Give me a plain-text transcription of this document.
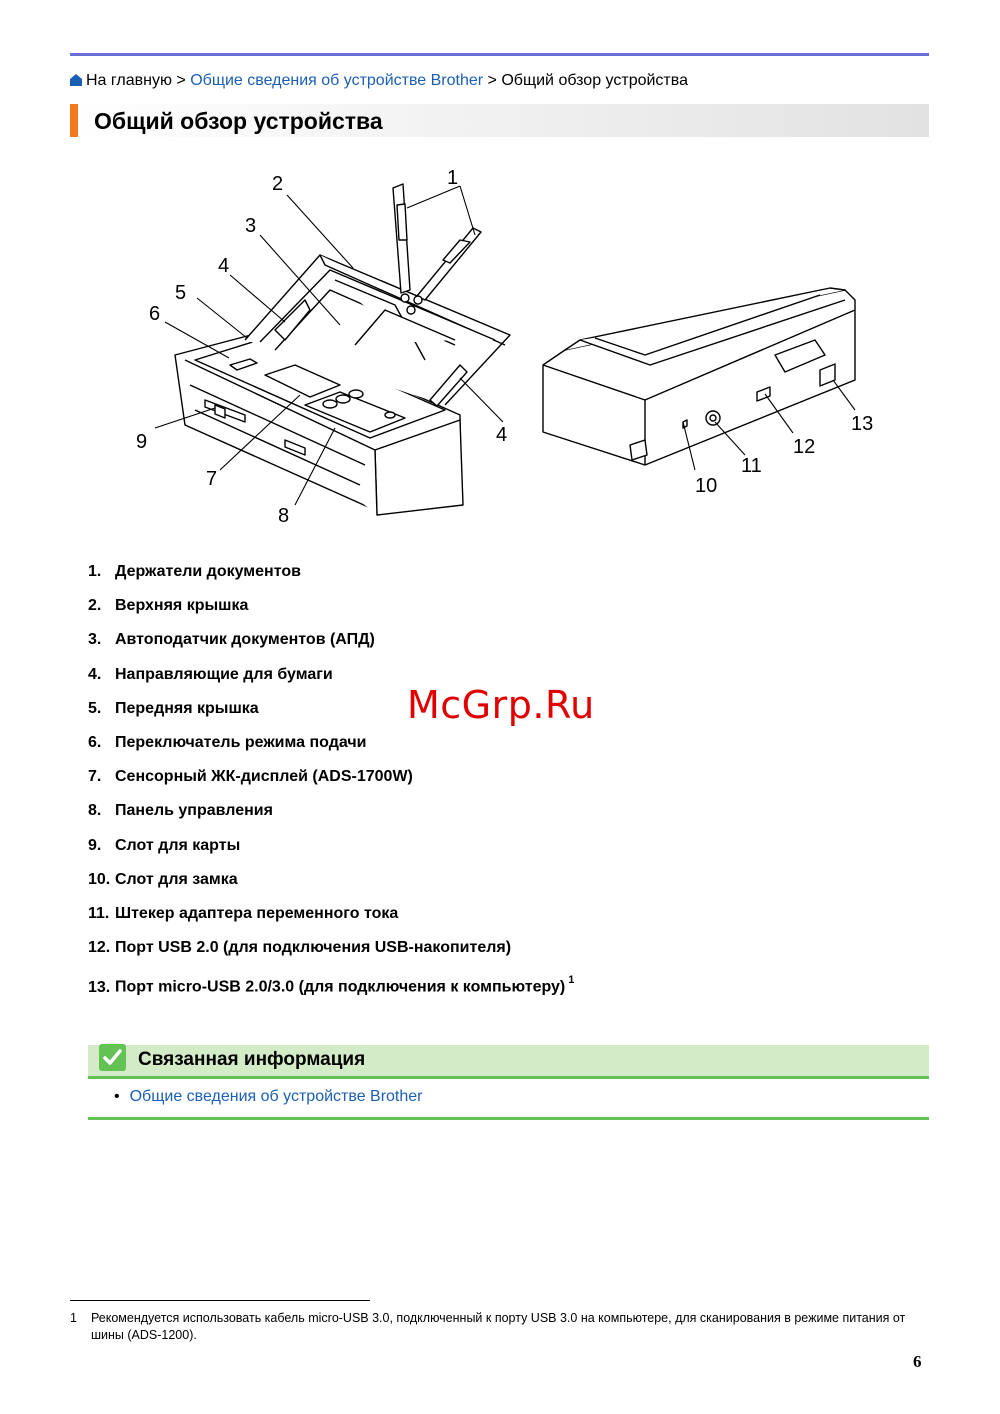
На главную > Общие сведения об устройстве Brother > Общий обзор устройства
Общий обзор устройства
2
3
4
5
6
9
7
8
1
4
10
11
12
13
1. Держатели документов
2. Верхняя крышка
3. Автоподатчик документов (АПД)
4. Направляющие для бумаги
5. Передняя крышка
6. Переключатель режима подачи
7. Сенсорный ЖК-дисплей (ADS-1700W)
8. Панель управления
9. Слот для карты
10. Слот для замка
11. Штекер адаптера переменного тока
12. Порт USB 2.0 (для подключения USB-накопителя)
13. Порт micro-USB 2.0/3.0 (для подключения к компьютеру) $^1$
McGrp.Ru
Связанная информация
• Общие сведения об устройстве Brother
1	Рекомендуется использовать кабель micro-USB 3.0, подключенный к порту USB 3.0 на компьютере, для сканирования в режиме питания от шины (ADS-1200).
6
